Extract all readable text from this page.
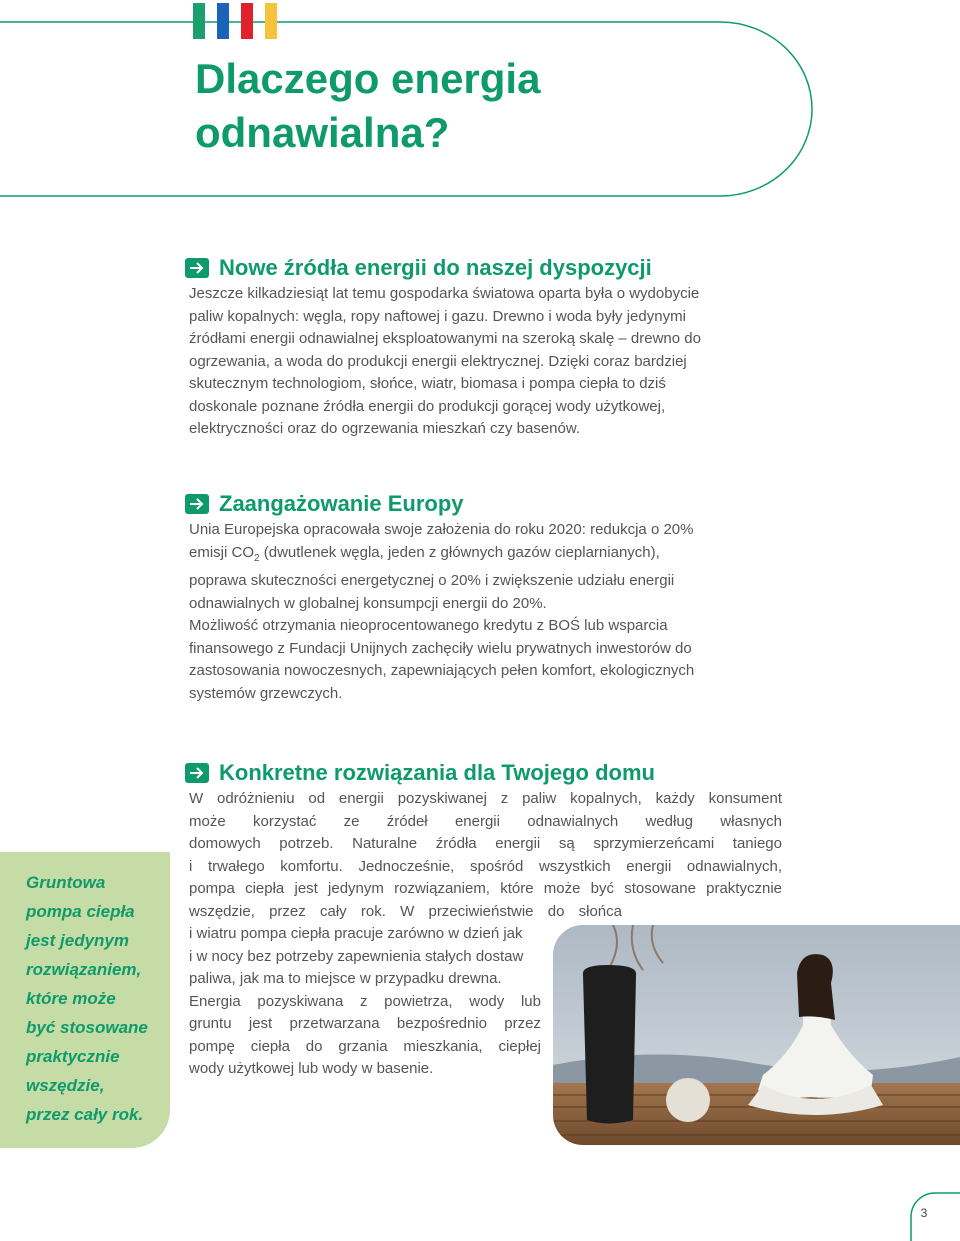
Dlaczego energia
odnawialna?
Nowe źródła energii do naszej dyspozycji
Jeszcze kilkadziesiąt lat temu gospodarka światowa oparta była o wydobycie
paliw kopalnych: węgla, ropy naftowej i gazu. Drewno i woda były jedynymi
źródłami energii odnawialnej eksploatowanymi na szeroką skalę – drewno do
ogrzewania, a woda do produkcji energii elektrycznej. Dzięki coraz bardziej
skutecznym technologiom, słońce, wiatr, biomasa i pompa ciepła to dziś
doskonale poznane źródła energii do produkcji gorącej wody użytkowej,
elektryczności oraz do ogrzewania mieszkań czy basenów.
Zaangażowanie Europy
Unia Europejska opracowała swoje założenia do roku 2020: redukcja o 20%
emisji $CO_2$ (dwutlenek węgla, jeden z głównych gazów cieplarnianych),
poprawa skuteczności energetycznej o 20% i zwiększenie udziału energii
odnawialnych w globalnej konsumpcji energii do 20%.
Możliwość otrzymania nieoprocentowanego kredytu z BOŚ lub wsparcia
finansowego z Fundacji Unijnych zachęciły wielu prywatnych inwestorów do
zastosowania nowoczesnych, zapewniających pełen komfort, ekologicznych
systemów grzewczych.
Konkretne rozwiązania dla Twojego domu
W odróżnieniu od energii pozyskiwanej z paliw kopalnych, każdy konsument
może korzystać ze źródeł energii odnawialnych według własnych
domowych potrzeb. Naturalne źródła energii są sprzymierzeńcami taniego
i trwałego komfortu. Jednocześnie, spośród wszystkich energii odnawialnych,
pompa ciepła jest jedynym rozwiązaniem, które może być stosowane praktycznie
wszędzie, przez cały rok. W przeciwieństwie do słońca
i wiatru pompa ciepła pracuje zarówno w dzień jak
i w nocy bez potrzeby zapewnienia stałych dostaw
paliwa, jak ma to miejsce w przypadku drewna.
Energia pozyskiwana z powietrza, wody lub
gruntu jest przetwarzana bezpośrednio przez
pompę ciepła do grzania mieszkania, ciepłej
wody użytkowej lub wody w basenie.

Gruntowa
pompa ciepła
jest jedynym
rozwiązaniem,
które może
być stosowane
praktycznie
wszędzie,
przez cały rok.

3
